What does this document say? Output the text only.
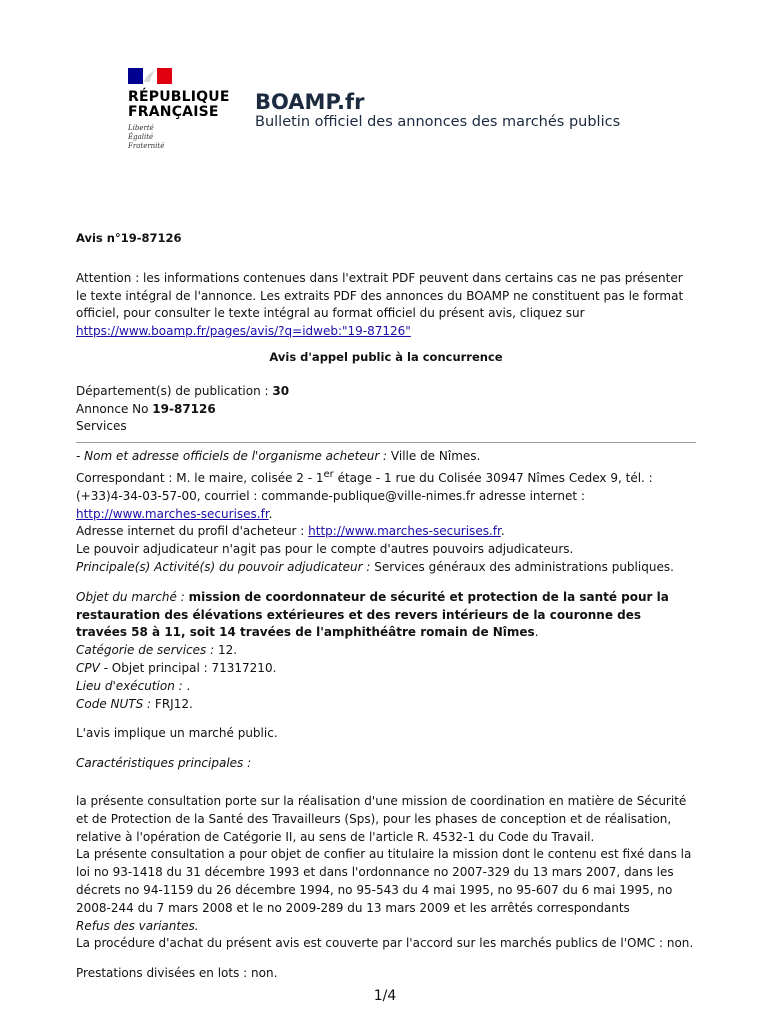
RÉPUBLIQUE
FRANÇAISE
Liberté
Égalité
Fraternité
BOAMP.fr
Bulletin officiel des annonces des marchés publics

Avis n°19-87126

Attention : les informations contenues dans l'extrait PDF peuvent dans certains cas ne pas présenter le texte intégral de l'annonce. Les extraits PDF des annonces du BOAMP ne constituent pas le format officiel, pour consulter le texte intégral au format officiel du présent avis, cliquez sur
https://www.boamp.fr/pages/avis/?q=idweb:"19-87126"

Avis d'appel public à la concurrence

Département(s) de publication : 30

Annonce No 19-87126

Services

- Nom et adresse officiels de l'organisme acheteur : Ville de Nîmes.

Correspondant : M. le maire, colisée 2 - 1er étage - 1 rue du Colisée 30947 Nîmes Cedex 9, tél. : (+33)4-34-03-57-00, courriel : commande-publique@ville-nimes.fr adresse internet : http://www.marches-securises.fr.

Adresse internet du profil d'acheteur : http://www.marches-securises.fr.

Le pouvoir adjudicateur n'agit pas pour le compte d'autres pouvoirs adjudicateurs.

Principale(s) Activité(s) du pouvoir adjudicateur : Services généraux des administrations publiques.

Objet du marché : mission de coordonnateur de sécurité et protection de la santé pour la restauration des élévations extérieures et des revers intérieurs de la couronne des travées 58 à 11, soit 14 travées de l'amphithéâtre romain de Nîmes.

Catégorie de services : 12.

CPV - Objet principal : 71317210.

Lieu d'exécution : .

Code NUTS : FRJ12.

L'avis implique un marché public.

Caractéristiques principales :

la présente consultation porte sur la réalisation d'une mission de coordination en matière de Sécurité et de Protection de la Santé des Travailleurs (Sps), pour les phases de conception et de réalisation, relative à l'opération de Catégorie II, au sens de l'article R. 4532-1 du Code du Travail.

La présente consultation a pour objet de confier au titulaire la mission dont le contenu est fixé dans la loi no 93-1418 du 31 décembre 1993 et dans l'ordonnance no 2007-329 du 13 mars 2007, dans les décrets no 94-1159 du 26 décembre 1994, no 95-543 du 4 mai 1995, no 95-607 du 6 mai 1995, no 2008-244 du 7 mars 2008 et le no 2009-289 du 13 mars 2009 et les arrêtés correspondants

Refus des variantes.

La procédure d'achat du présent avis est couverte par l'accord sur les marchés publics de l'OMC : non.

Prestations divisées en lots : non.

1/4
